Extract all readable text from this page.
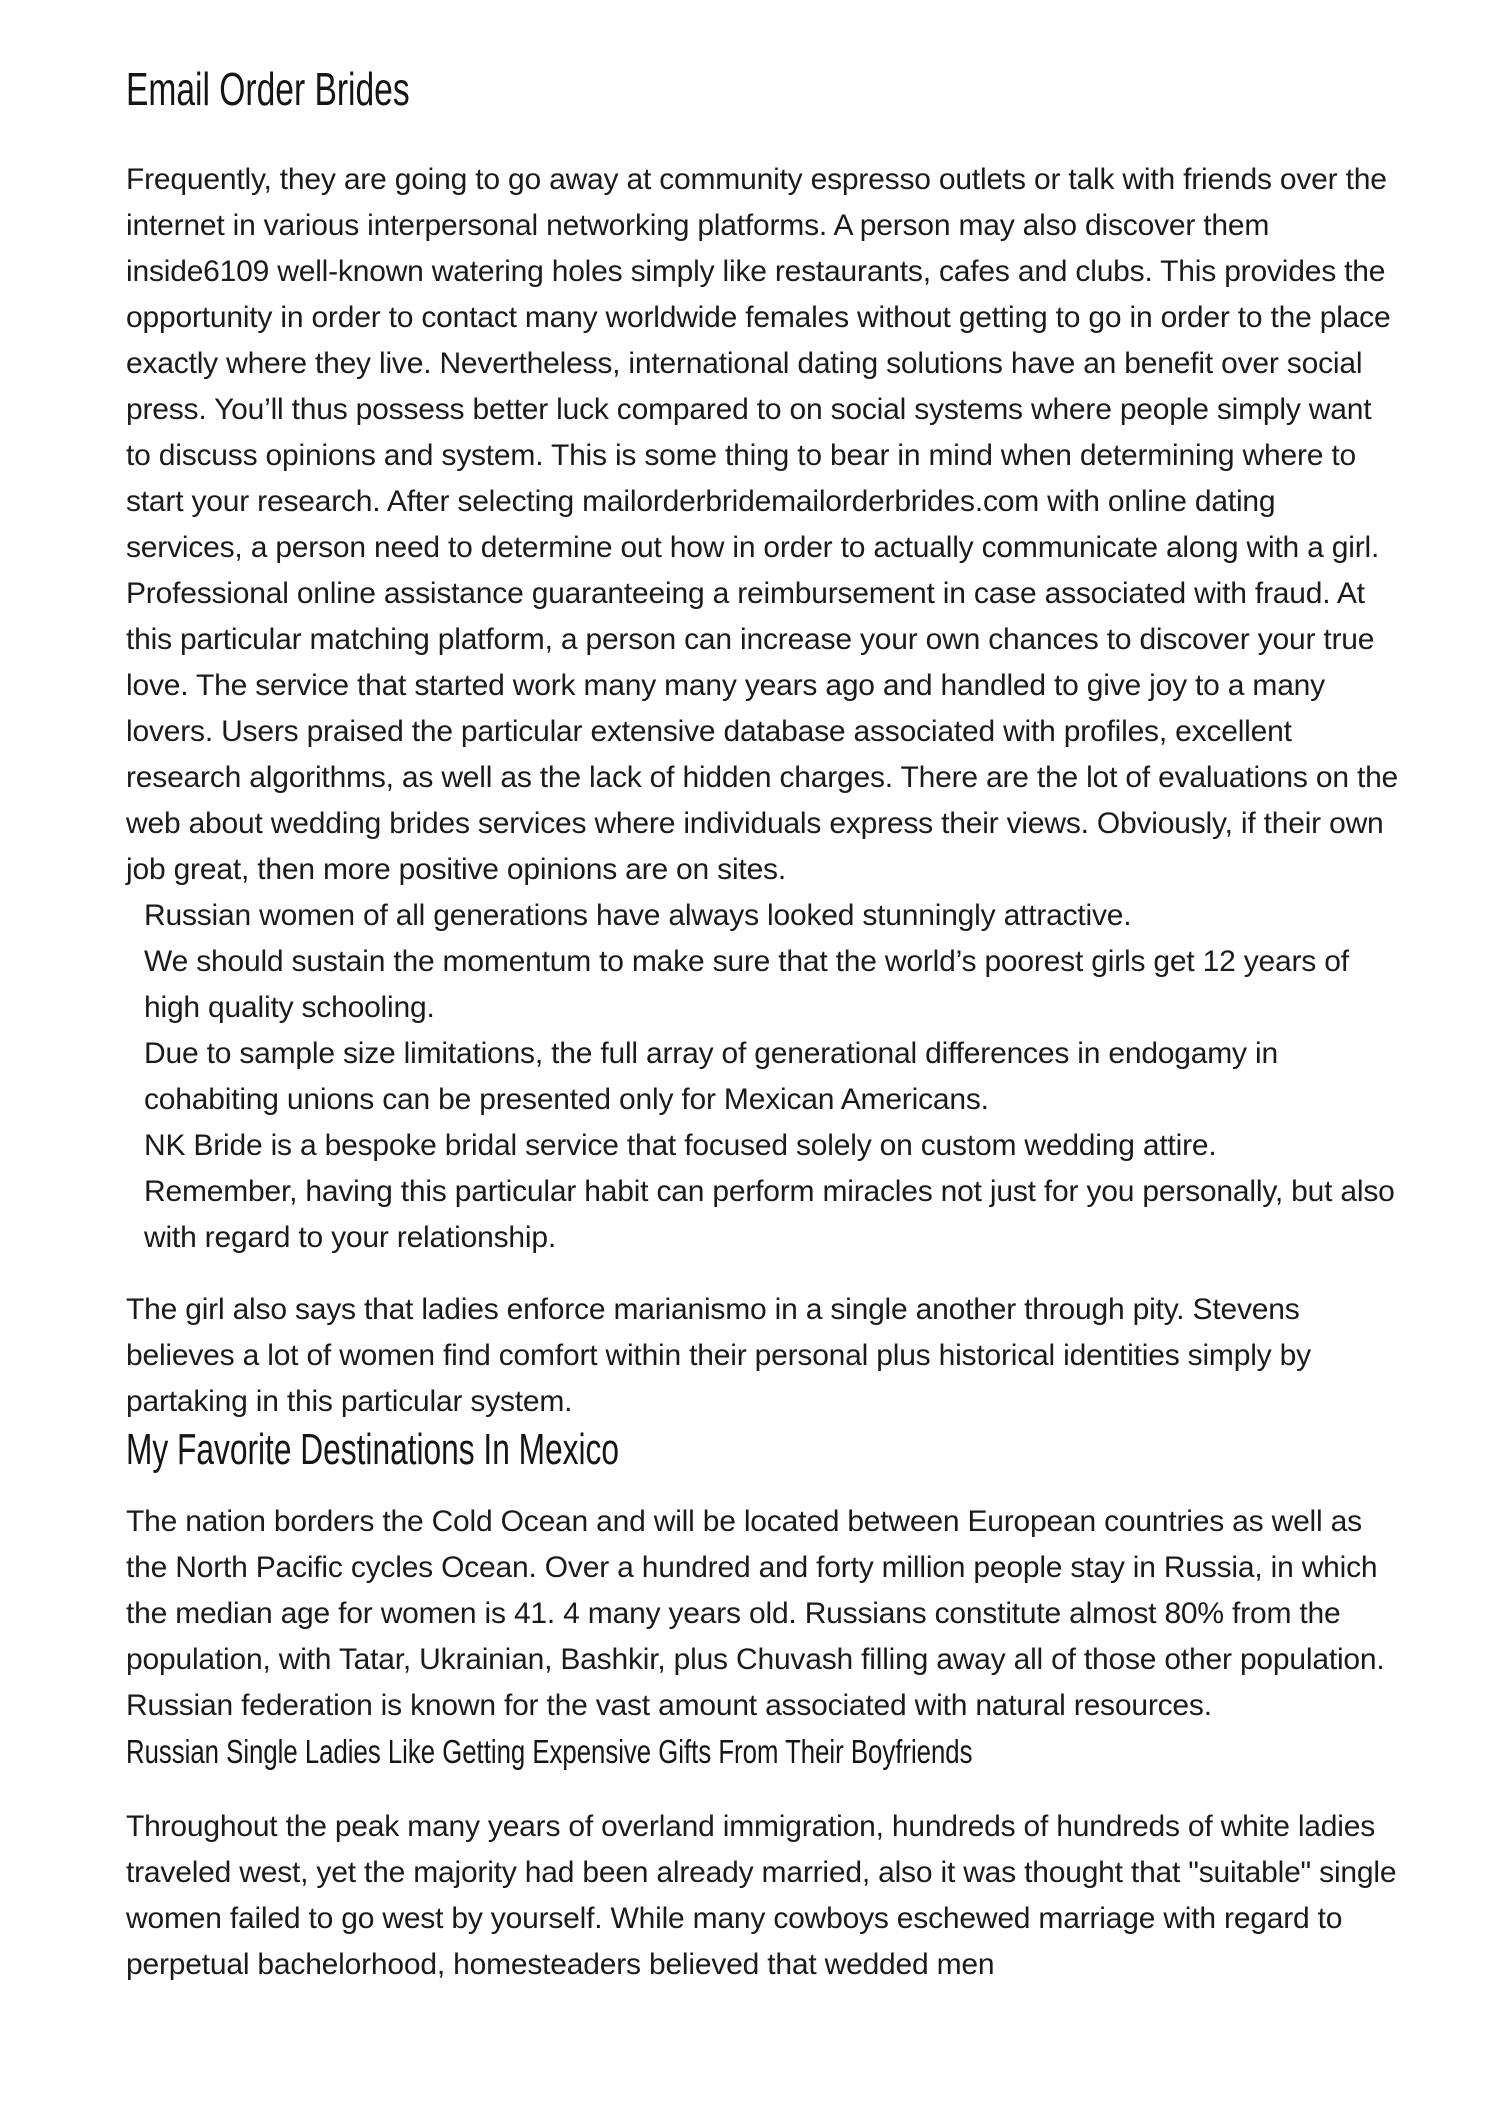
Email Order Brides

Frequently, they are going to go away at community espresso outlets or talk with friends over the internet in various interpersonal networking platforms. A person may also discover them inside6109 well-known watering holes simply like restaurants, cafes and clubs. This provides the opportunity in order to contact many worldwide females without getting to go in order to the place exactly where they live. Nevertheless, international dating solutions have an benefit over social press. You’ll thus possess better luck compared to on social systems where people simply want to discuss opinions and system. This is some thing to bear in mind when determining where to start your research. After selecting mailorderbridemailorderbrides.com with online dating services, a person need to determine out how in order to actually communicate along with a girl.

Professional online assistance guaranteeing a reimbursement in case associated with fraud. At this particular matching platform, a person can increase your own chances to discover your true love. The service that started work many many years ago and handled to give joy to a many lovers. Users praised the particular extensive database associated with profiles, excellent research algorithms, as well as the lack of hidden charges. There are the lot of evaluations on the web about wedding brides services where individuals express their views. Obviously, if their own job great, then more positive opinions are on sites.

Russian women of all generations have always looked stunningly attractive.

We should sustain the momentum to make sure that the world’s poorest girls get 12 years of high quality schooling.

Due to sample size limitations, the full array of generational differences in endogamy in cohabiting unions can be presented only for Mexican Americans.

NK Bride is a bespoke bridal service that focused solely on custom wedding attire.

Remember, having this particular habit can perform miracles not just for you personally, but also with regard to your relationship.

The girl also says that ladies enforce marianismo in a single another through pity. Stevens believes a lot of women find comfort within their personal plus historical identities simply by partaking in this particular system.

My Favorite Destinations In Mexico

The nation borders the Cold Ocean and will be located between European countries as well as the North Pacific cycles Ocean. Over a hundred and forty million people stay in Russia, in which the median age for women is 41. 4 many years old. Russians constitute almost 80% from the population, with Tatar, Ukrainian, Bashkir, plus Chuvash filling away all of those other population. Russian federation is known for the vast amount associated with natural resources.

Russian Single Ladies Like Getting Expensive Gifts From Their Boyfriends

Throughout the peak many years of overland immigration, hundreds of hundreds of white ladies traveled west, yet the majority had been already married, also it was thought that "suitable" single women failed to go west by yourself. While many cowboys eschewed marriage with regard to perpetual bachelorhood, homesteaders believed that wedded men
